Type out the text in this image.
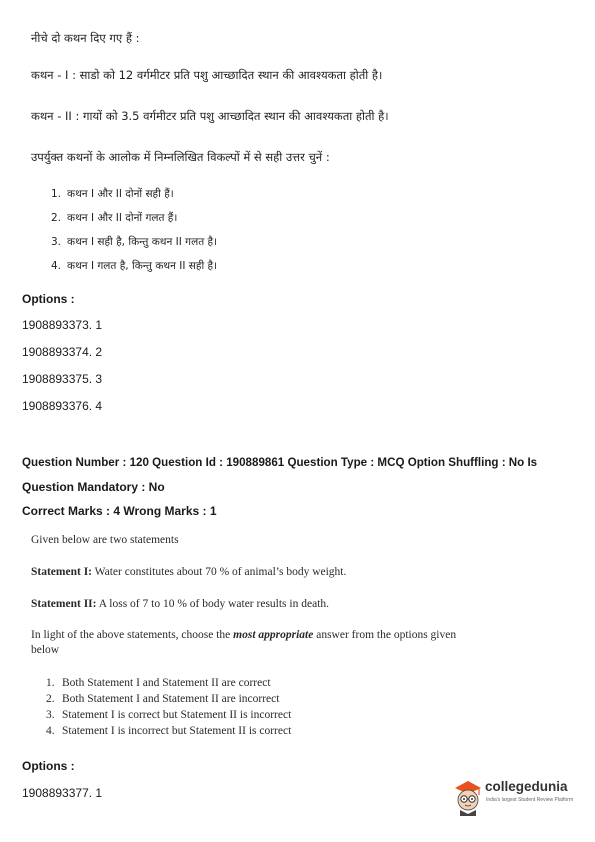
नीचे दो कथन दिए गए हैं :
कथन - I : साडो को 12 वर्गमीटर प्रति पशु आच्छादित स्थान की आवश्यकता होती है।
कथन - II : गायों को 3.5 वर्गमीटर प्रति पशु आच्छादित स्थान की आवश्यकता होती है।
उपर्युक्त कथनों के आलोक में निम्नलिखित विकल्पों में से सही उत्तर चुनें :
1. कथन I और II दोनों सही हैं।
2. कथन I और II दोनों गलत हैं।
3. कथन I सही है, किन्तु कथन II गलत है।
4. कथन I गलत है, किन्तु कथन II सही है।
Options :
1908893373. 1
1908893374. 2
1908893375. 3
1908893376. 4
Question Number : 120 Question Id : 190889861 Question Type : MCQ Option Shuffling : No Is
Question Mandatory : No
Correct Marks : 4 Wrong Marks : 1
Given below are two statements
Statement I: Water constitutes about 70 % of animal’s body weight.
Statement II: A loss of 7 to 10 % of body water results in death.
In light of the above statements, choose the most appropriate answer from the options given
below
1. Both Statement I and Statement II are correct
2. Both Statement I and Statement II are incorrect
3. Statement I is correct but Statement II is incorrect
4. Statement I is incorrect but Statement II is correct
Options :
1908893377. 1	collegedunia
India's largest Student Review Platform
